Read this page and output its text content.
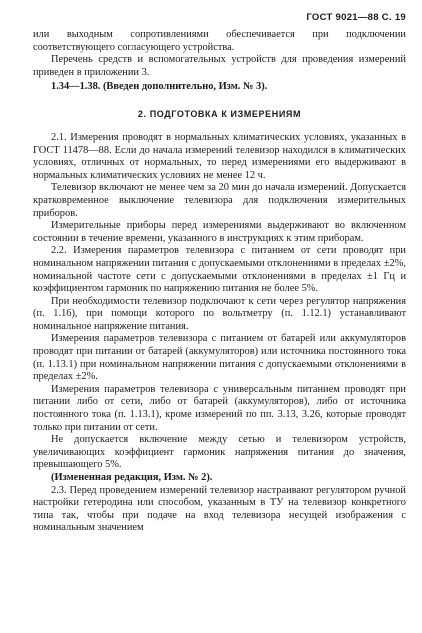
ГОСТ 9021—88 С. 19

или выходным сопротивлениями обеспечивается при подключении соответствующего согласующего устройства.

Перечень средств и вспомогательных устройств для проведения измерений приведен в приложении 3.

1.34—1.38. (Введен дополнительно, Изм. № 3).

2. ПОДГОТОВКА К ИЗМЕРЕНИЯМ

2.1. Измерения проводят в нормальных климатических условиях, указанных в ГОСТ 11478—88. Если до начала измерений телевизор находился в климатических условиях, отличных от нормальных, то перед измерениями его выдерживают в нормальных климатических условиях не менее 12 ч.

Телевизор включают не менее чем за 20 мин до начала измерений. Допускается кратковременное выключение телевизора для подключения измерительных приборов.

Измерительные приборы перед измерениями выдерживают во включенном состоянии в течение времени, указанного в инструкциях к этим приборам.

2.2. Измерения параметров телевизора с питанием от сети проводят при номинальном напряжении питания с допускаемыми отклонениями в пределах ±2%, номинальной частоте сети с допускаемыми отклонениями в пределах ±1 Гц и коэффициентом гармоник по напряжению питания не более 5%.

При необходимости телевизор подключают к сети через регулятор напряжения (п. 1.16), при помощи которого по вольтметру (п. 1.12.1) устанавливают номинальное напряжение питания.

Измерения параметров телевизора с питанием от батарей или аккумуляторов проводят при питании от батарей (аккумуляторов) или источника постоянного тока (п. 1.13.1) при номинальном напряжении питания с допускаемыми отклонениями в пределах ±2%.

Измерения параметров телевизора с универсальным питанием проводят при питании либо от сети, либо от батарей (аккумуляторов), либо от источника постоянного тока (п. 1.13.1), кроме измерений по пп. 3.13, 3.26, которые проводят только при питании от сети.

Не допускается включение между сетью и телевизором устройств, увеличивающих коэффициент гармоник напряжения питания до значения, превышающего 5%.

(Измененная редакция, Изм. № 2).

2.3. Перед проведением измерений телевизор настраивают регулятором ручной настройки гетеродина или способом, указанным в ТУ на телевизор конкретного типа так, чтобы при подаче на вход телевизора несущей изображения с номинальным значением
